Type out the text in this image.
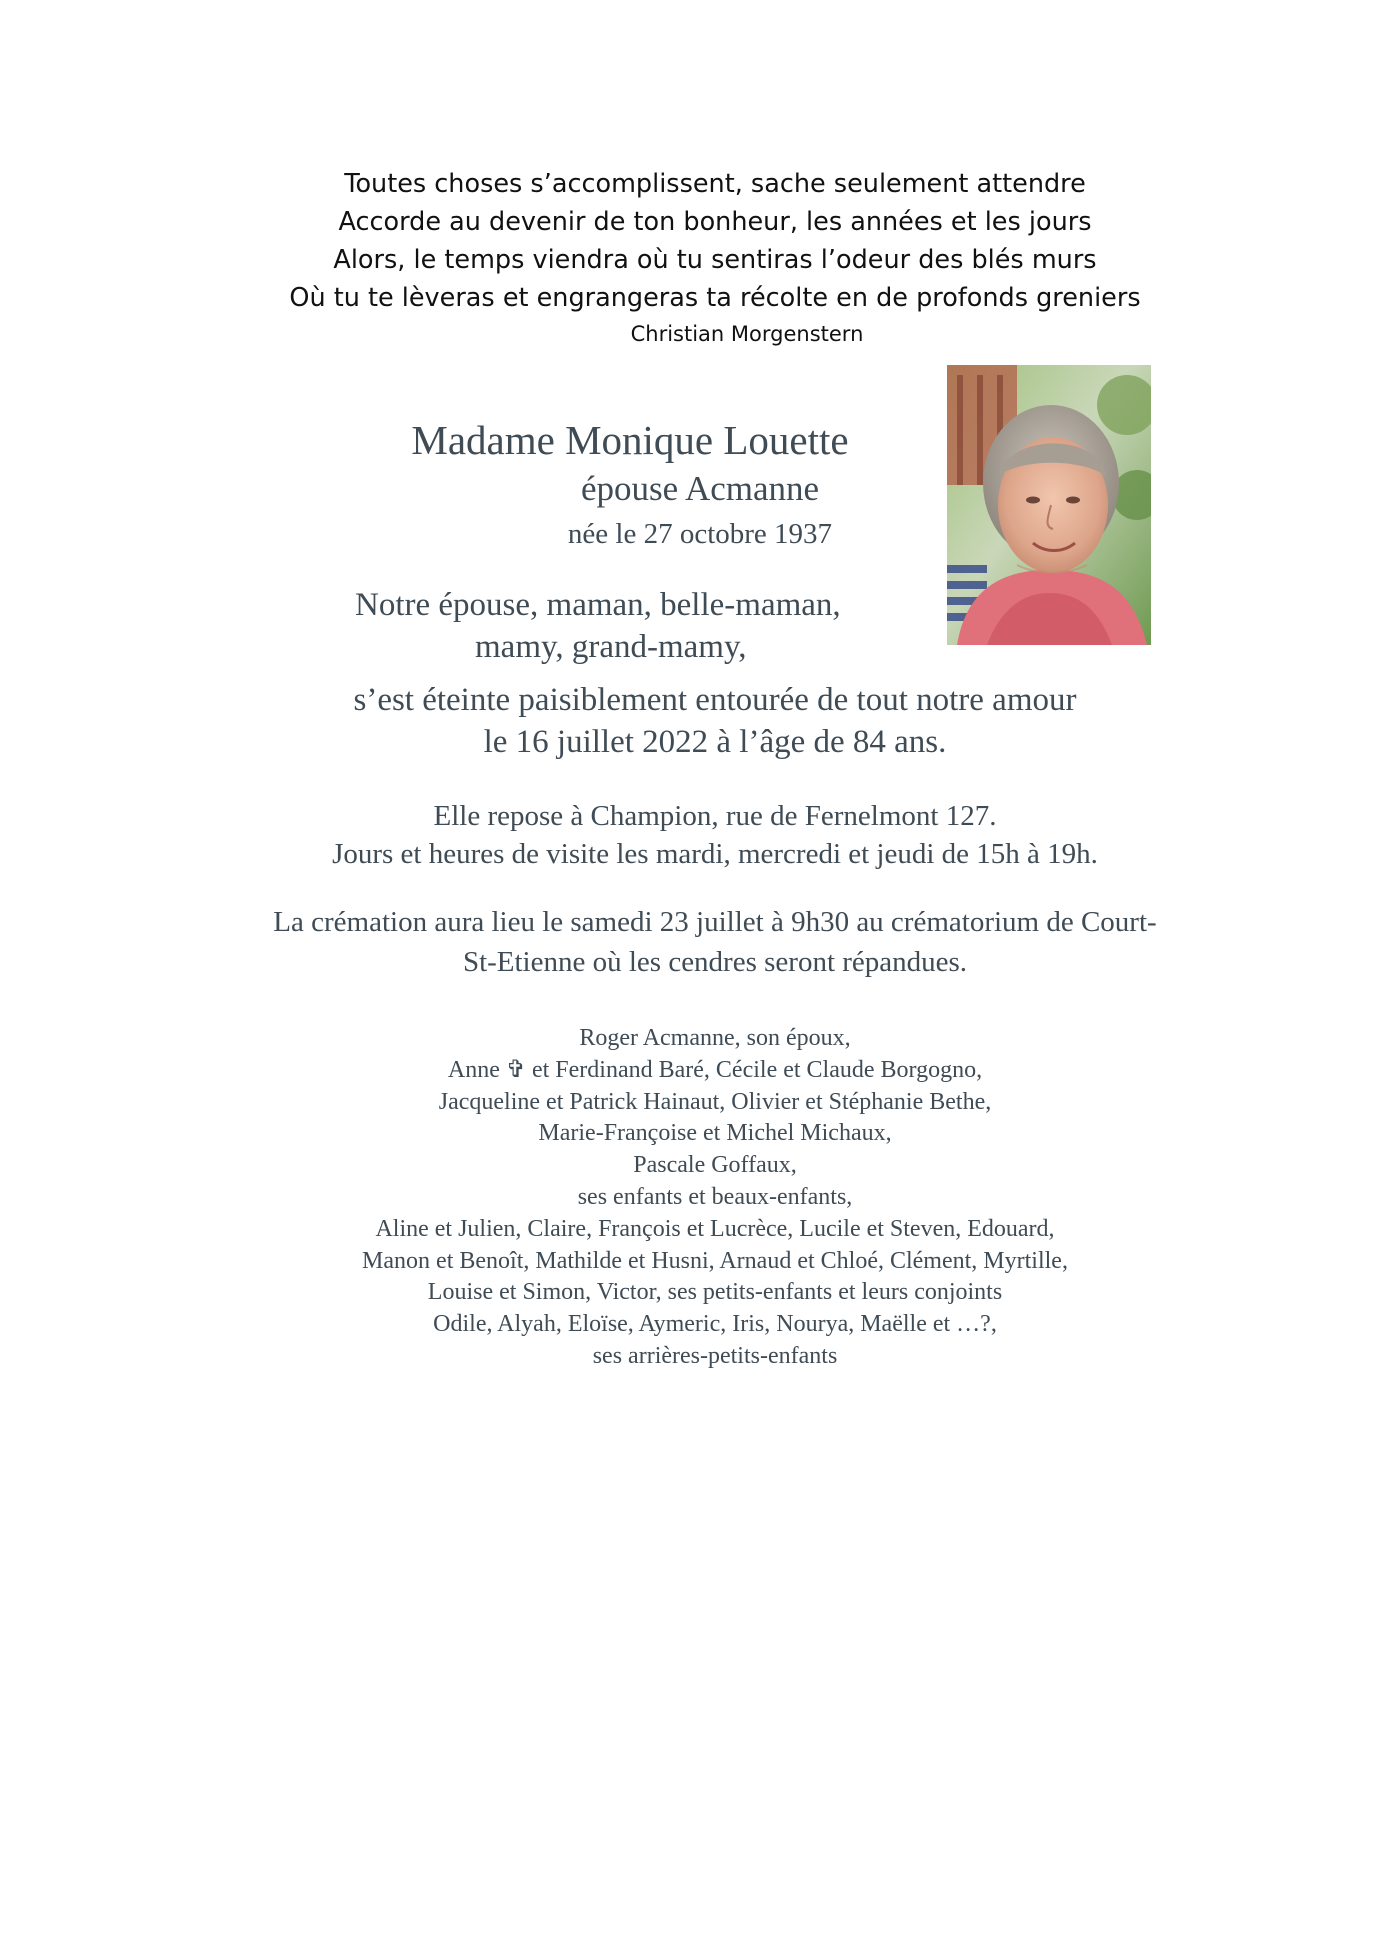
Toutes choses s’accomplissent, sache seulement attendre
Accorde au devenir de ton bonheur, les années et les jours
Alors, le temps viendra où tu sentiras l’odeur des blés murs
Où tu te lèveras et engrangeras ta récolte en de profonds greniers
Christian Morgenstern
Madame Monique Louette
épouse Acmanne
née le 27 octobre 1937
Notre épouse, maman, belle-maman,
mamy, grand-mamy,
s’est éteinte paisiblement entourée de tout notre amour
le 16 juillet 2022 à l’âge de 84 ans.
Elle repose à Champion, rue de Fernelmont 127.
Jours et heures de visite les mardi, mercredi et jeudi de 15h à 19h.
La crémation aura lieu le samedi 23 juillet à 9h30 au crématorium de Court-
St-Etienne où les cendres seront répandues.
Roger Acmanne, son époux,
Anne ✞ et Ferdinand Baré, Cécile et Claude Borgogno,
Jacqueline et Patrick Hainaut, Olivier et Stéphanie Bethe,
Marie-Françoise et Michel Michaux,
Pascale Goffaux,
ses enfants et beaux-enfants,
Aline et Julien, Claire, François et Lucrèce, Lucile et Steven, Edouard,
Manon et Benoît, Mathilde et Husni, Arnaud et Chloé, Clément, Myrtille,
Louise et Simon, Victor, ses petits-enfants et leurs conjoints
Odile, Alyah, Eloïse, Aymeric, Iris, Nourya, Maëlle et …?,
ses arrières-petits-enfants
